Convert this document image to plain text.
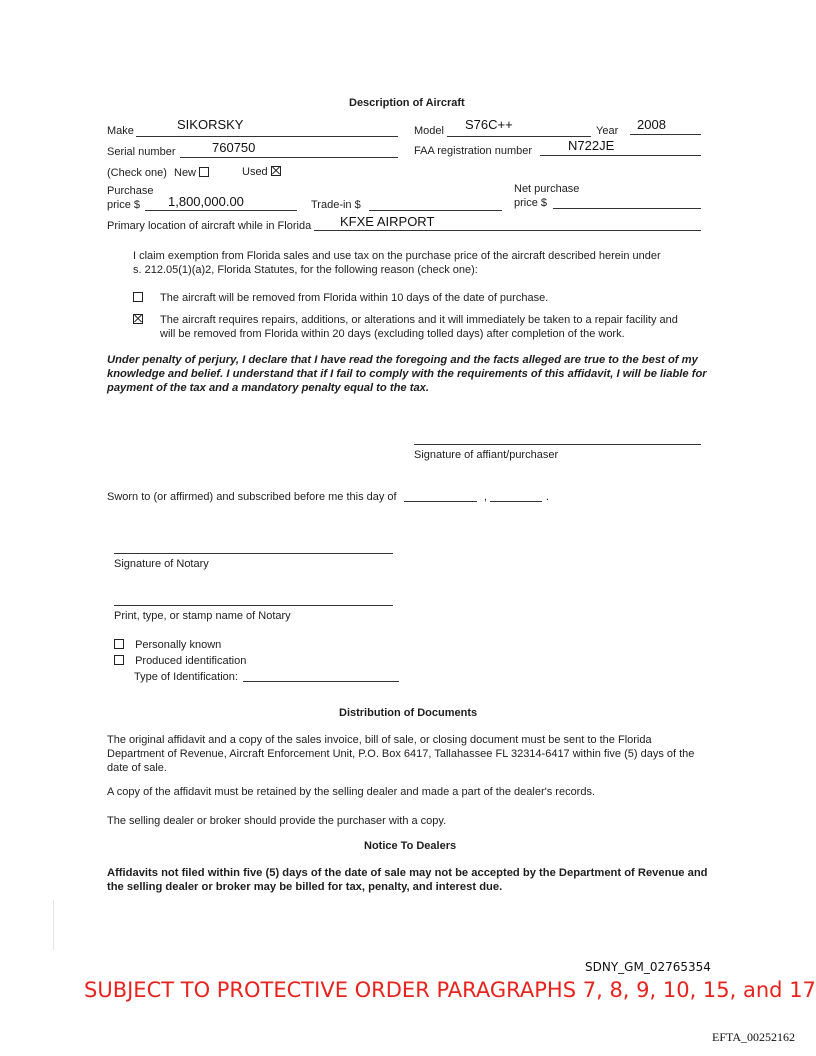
Description of Aircraft
Make	SIKORSKY	Model S76C++	Year 2008
Serial number	760750	FAA registration number	N722JE
(Check one) New	Used
Purchase
price $ 1,800,000.00	Trade-in $
Net purchase
price $
Primary location of aircraft while in Florida KFXE AIRPORT
I claim exemption from Florida sales and use tax on the purchase price of the aircraft described herein under
s. 212.05(1)(a)2, Florida Statutes, for the following reason (check one):
The aircraft will be removed from Florida within 10 days of the date of purchase.
The aircraft requires repairs, additions, or alterations and it will immediately be taken to a repair facility and
will be removed from Florida within 20 days (excluding tolled days) after completion of the work.
Under penalty of perjury, I declare that I have read the foregoing and the facts alleged are true to the best of my
knowledge and belief. I understand that if I fail to comply with the requirements of this affidavit, I will be liable for
payment of the tax and a mandatory penalty equal to the tax.
Signature of affiant/purchaser
Sworn to (or affirmed) and subscribed before me this day of	,	.
Signature of Notary
Print, type, or stamp name of Notary
Personally known
Produced identification
Type of Identification:
Distribution of Documents
The original affidavit and a copy of the sales invoice, bill of sale, or closing document must be sent to the Florida
Department of Revenue, Aircraft Enforcement Unit, P.O. Box 6417, Tallahassee FL 32314-6417 within five (5) days of the
date of sale.
A copy of the affidavit must be retained by the selling dealer and made a part of the dealer's records.
The selling dealer or broker should provide the purchaser with a copy.
Notice To Dealers
Affidavits not filed within five (5) days of the date of sale may not be accepted by the Department of Revenue and
the selling dealer or broker may be billed for tax, penalty, and interest due.
SDNY_GM_02765354
SUBJECT TO PROTECTIVE ORDER PARAGRAPHS 7, 8, 9, 10, 15, and 17
EFTA_00252162
